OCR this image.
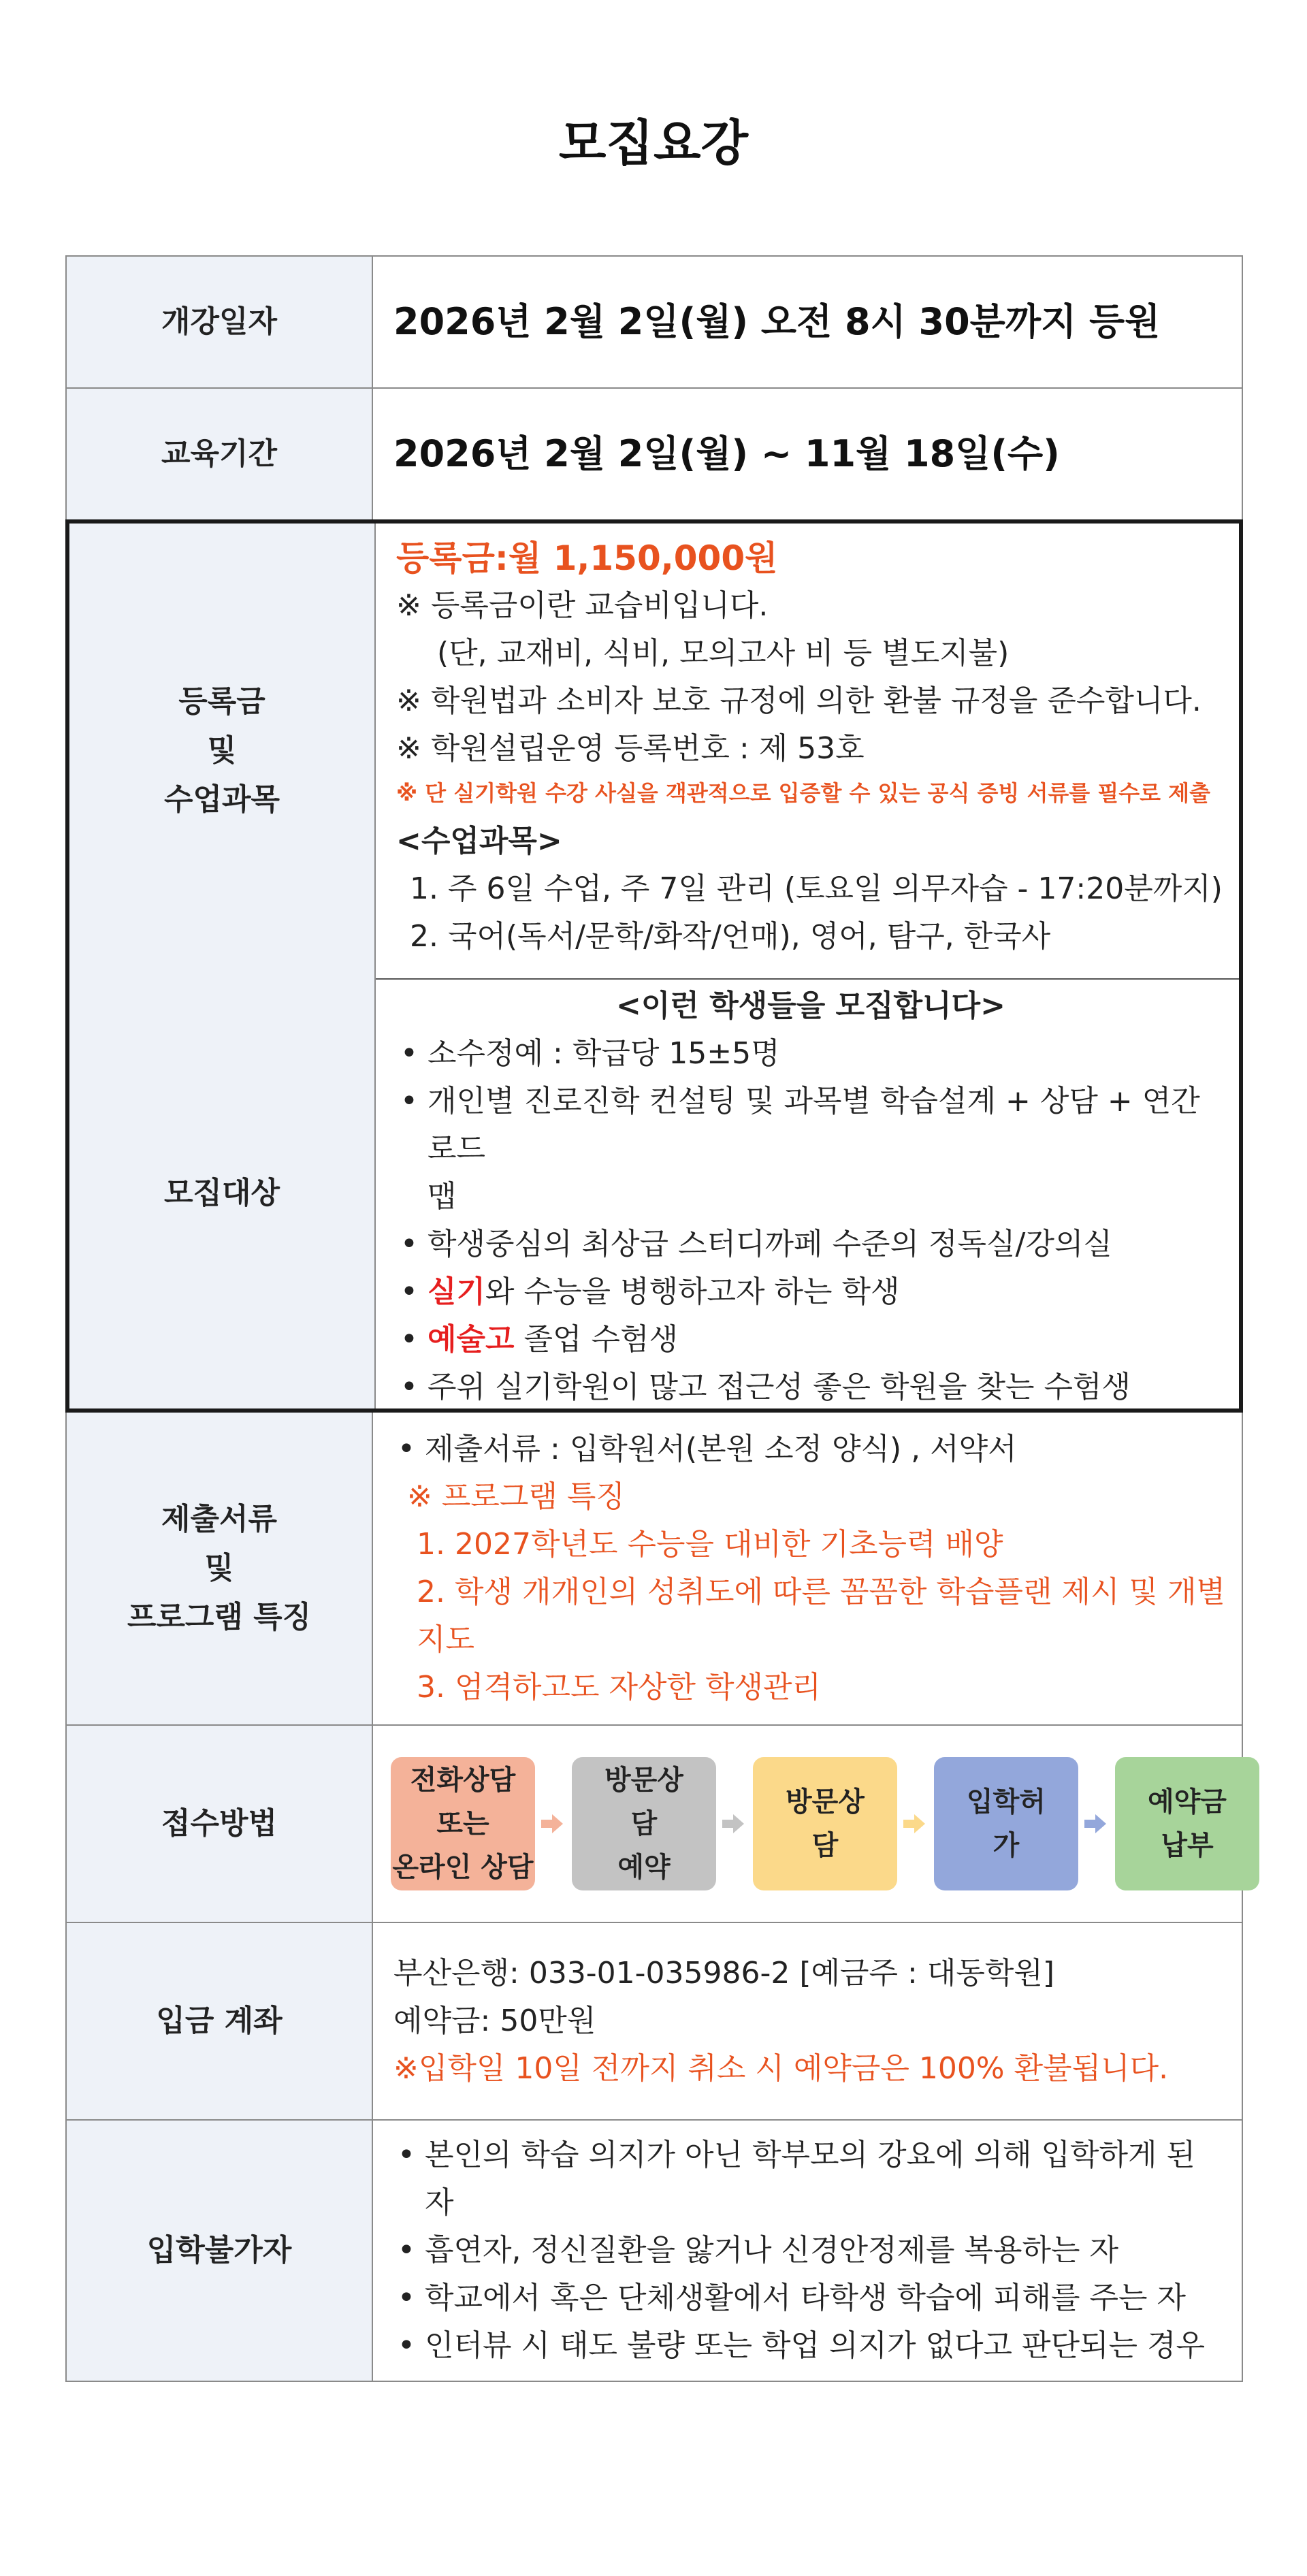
모집요강
개강일자	2026년 2월 2일(월) 오전 8시 30분까지 등원
교육기간	2026년 2월 2일(월) ~ 11월 18일(수)
등록금
및
수업과목
등록금:월 1,150,000원
※ 등록금이란 교습비입니다.
(단, 교재비, 식비, 모의고사 비 등 별도지불)
※ 학원법과 소비자 보호 규정에 의한 환불 규정을 준수합니다.
※ 학원설립운영 등록번호 : 제 53호
※ 단 실기학원 수강 사실을 객관적으로 입증할 수 있는 공식 증빙 서류를 필수로 제출
<수업과목>
1. 주 6일 수업, 주 7일 관리 (토요일 의무자습 - 17:20분까지)
2. 국어(독서/문학/화작/언매), 영어, 탐구, 한국사
모집대상
<이런 학생들을 모집합니다>
• 소수정예 : 학급당 15±5명
• 개인별 진로진학 컨설팅 및 과목별 학습설계 + 상담 + 연간 로드
맵
• 학생중심의 최상급 스터디까페 수준의 정독실/강의실
• 실기와 수능을 병행하고자 하는 학생
• 예술고 졸업 수험생
• 주위 실기학원이 많고 접근성 좋은 학원을 찾는 수험생
제출서류
및
프로그램 특징
• 제출서류 : 입학원서(본원 소정 양식) , 서약서
※ 프로그램 특징
1. 2027학년도 수능을 대비한 기초능력 배양
2. 학생 개개인의 성취도에 따른 꼼꼼한 학습플랜 제시 및 개별지도
3. 엄격하고도 자상한 학생관리
접수방법
전화상담
또는
온라인 상담
방문상
담
예약
방문상
담
입학허
가
예약금
납부
입금 계좌
부산은행: 033-01-035986-2 [예금주 : 대동학원]
예약금: 50만원
※입학일 10일 전까지 취소 시 예약금은 100% 환불됩니다.
입학불가자
• 본인의 학습 의지가 아닌 학부모의 강요에 의해 입학하게 된 자
• 흡연자, 정신질환을 앓거나 신경안정제를 복용하는 자
• 학교에서 혹은 단체생활에서 타학생 학습에 피해를 주는 자
• 인터뷰 시 태도 불량 또는 학업 의지가 없다고 판단되는 경우
